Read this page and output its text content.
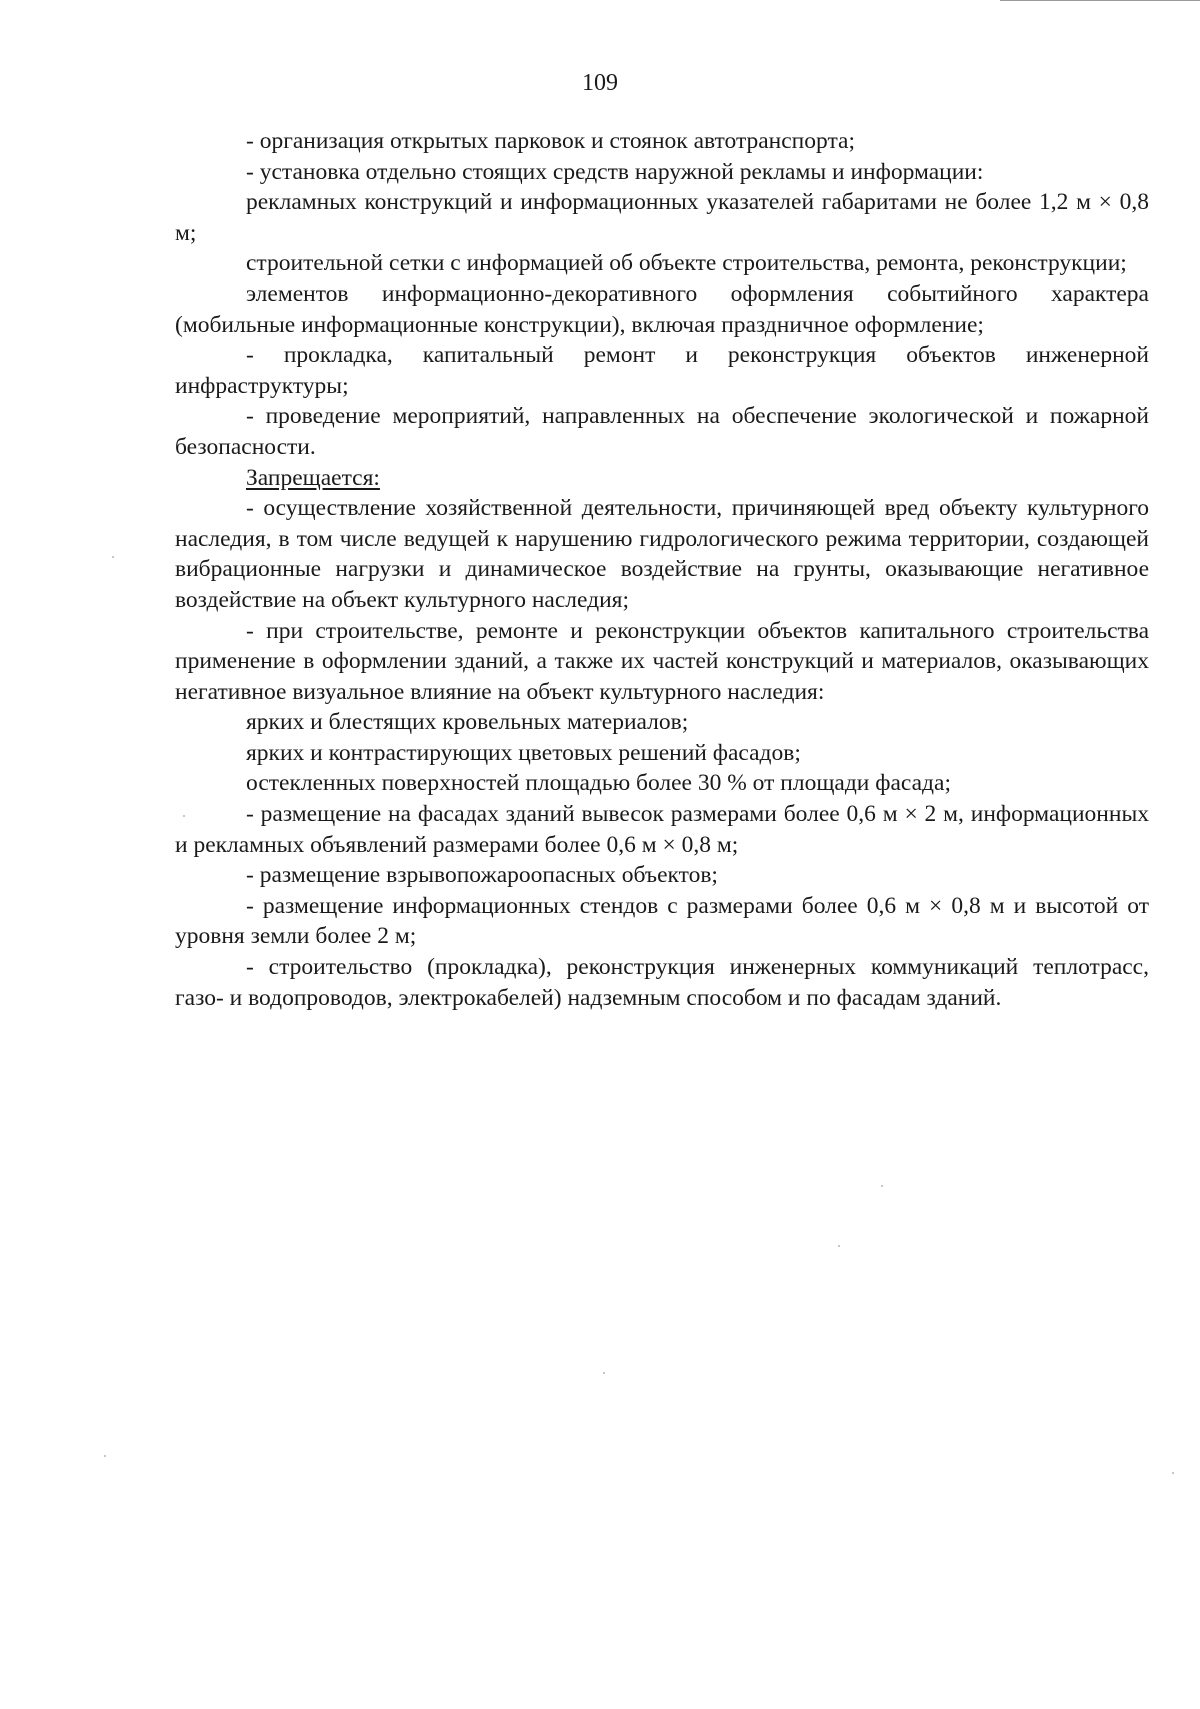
109

- организация открытых парковок и стоянок автотранспорта;

- установка отдельно стоящих средств наружной рекламы и информации:

рекламных конструкций и информационных указателей габаритами не более 1,2 м × 0,8 м;

строительной сетки с информацией об объекте строительства, ремонта, реконструкции;

элементов информационно-декоративного оформления событийного характера (мобильные информационные конструкции), включая праздничное оформление;

- прокладка, капитальный ремонт и реконструкция объектов инженерной инфраструктуры;

- проведение мероприятий, направленных на обеспечение экологической и пожарной безопасности.

Запрещается:

- осуществление хозяйственной деятельности, причиняющей вред объекту культурного наследия, в том числе ведущей к нарушению гидрологического режима территории, создающей вибрационные нагрузки и динамическое воздействие на грунты, оказывающие негативное воздействие на объект культурного наследия;

- при строительстве, ремонте и реконструкции объектов капитального строительства применение в оформлении зданий, а также их частей конструкций и материалов, оказывающих негативное визуальное влияние на объект культурного наследия:

ярких и блестящих кровельных материалов;

ярких и контрастирующих цветовых решений фасадов;

остекленных поверхностей площадью более 30 % от площади фасада;

- размещение на фасадах зданий вывесок размерами более 0,6 м × 2 м, информационных и рекламных объявлений размерами более 0,6 м × 0,8 м;

- размещение взрывопожароопасных объектов;

- размещение информационных стендов с размерами более 0,6 м × 0,8 м и высотой от уровня земли более 2 м;

- строительство (прокладка), реконструкция инженерных коммуникаций теплотрасс, газо- и водопроводов, электрокабелей) надземным способом и по фасадам зданий.
